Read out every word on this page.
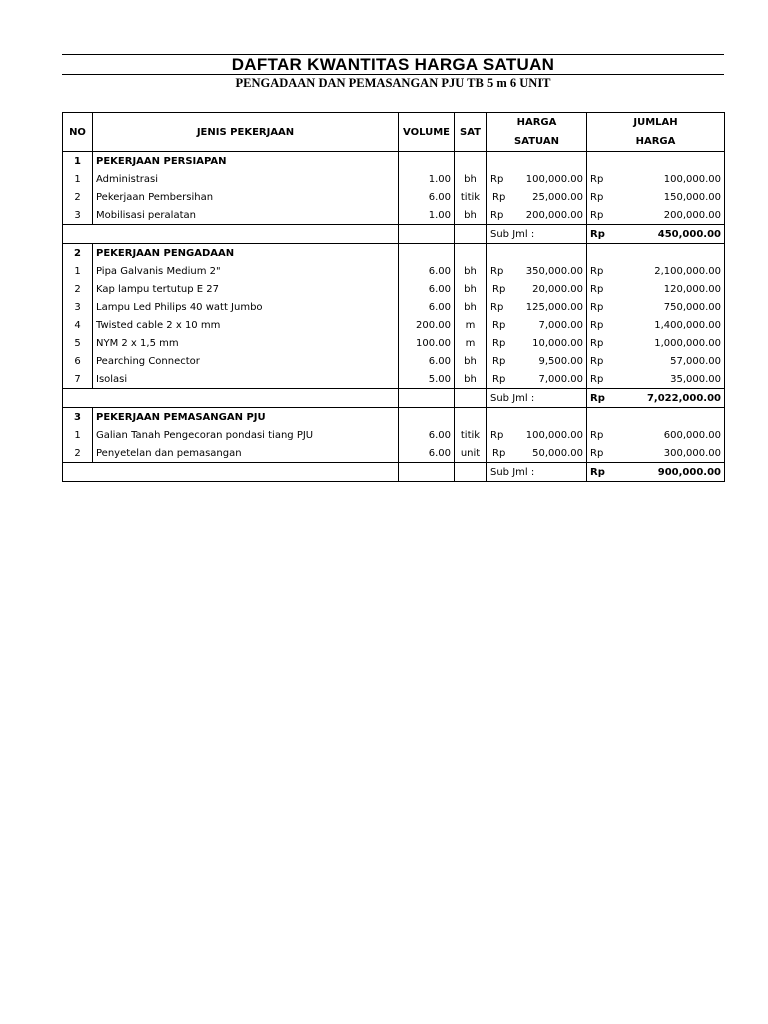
DAFTAR KWANTITAS HARGA SATUAN
PENGADAAN DAN PEMASANGAN PJU TB 5 m 6 UNIT
NO	JENIS PEKERJAAN	VOLUME	SAT	HARGA	JUMLAH
				SATUAN	HARGA
1	PEKERJAAN PERSIAPAN				
1	Administrasi	1.00	bh	Rp 100,000.00	Rp 100,000.00

2	Pekerjaan Pembersihan	6.00	titik	Rp 25,000.00	Rp 150,000.00

3	Mobilisasi peralatan	1.00	bh	Rp 200,000.00	Rp 200,000.00

				Sub Jml :	Rp 450,000.00

2	PEKERJAAN PENGADAAN				
1	Pipa Galvanis Medium 2"	6.00	bh	Rp 350,000.00	Rp 2,100,000.00

2	Kap lampu tertutup E 27	6.00	bh	Rp 20,000.00	Rp 120,000.00

3	Lampu Led Philips 40 watt Jumbo	6.00	bh	Rp 125,000.00	Rp 750,000.00

4	Twisted cable 2 x 10 mm	200.00	m	Rp 7,000.00	Rp 1,400,000.00

5	NYM 2 x 1,5 mm	100.00	m	Rp 10,000.00	Rp 1,000,000.00

6	Pearching Connector	6.00	bh	Rp 9,500.00	Rp 57,000.00

7	Isolasi	5.00	bh	Rp 7,000.00	Rp 35,000.00

				Sub Jml :	Rp 7,022,000.00

3	PEKERJAAN PEMASANGAN PJU				
1	Galian Tanah Pengecoran pondasi tiang PJU	6.00	titik	Rp 100,000.00	Rp 600,000.00

2	Penyetelan dan pemasangan	6.00	unit	Rp 50,000.00	Rp 300,000.00

				Sub Jml :	Rp 900,000.00
